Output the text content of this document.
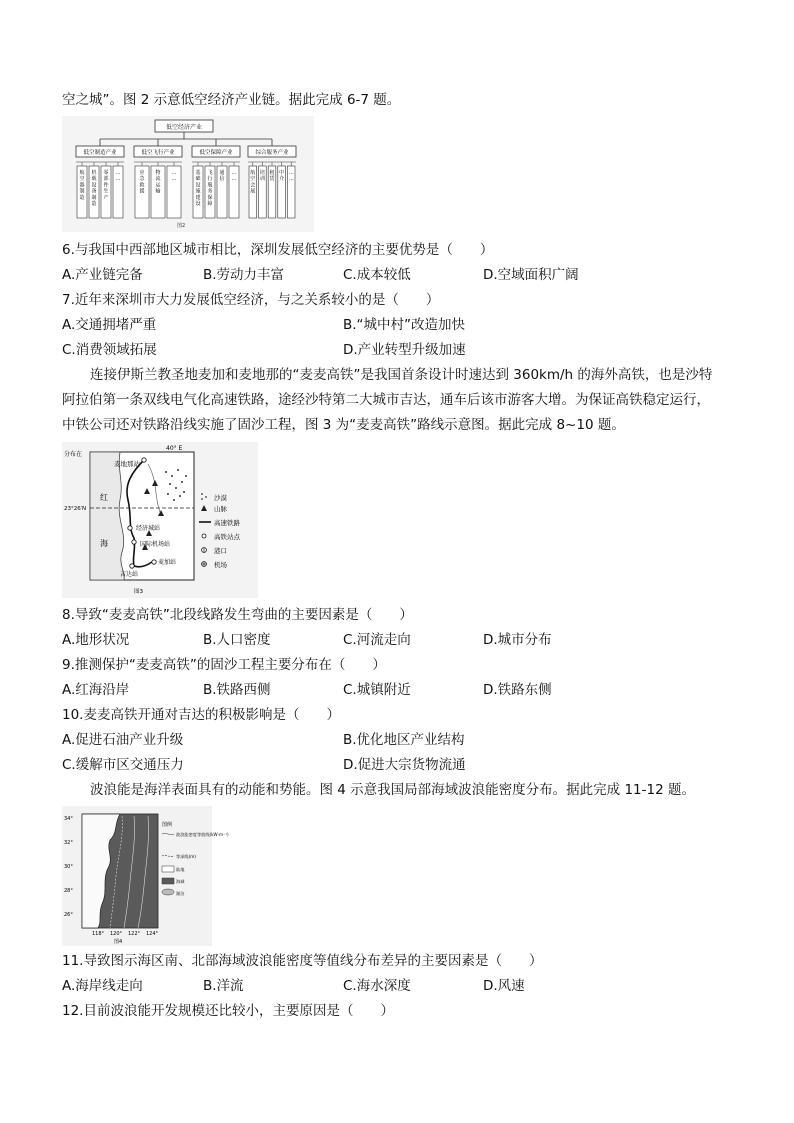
空之城”。图 2 示意低空经济产业链。据此完成 6-7 题。
低空经济产业
低空制造产业	低空飞行产业	低空保障产业	综合服务产业
航空器制造
机载设备制造
零部件生产
… …
应急救援
物流运输
… …
基础设施建设
飞行服务保障
通信
… …
航空会展
培训
租赁
中介
… …
图2
6.与我国中西部地区城市相比，深圳发展低空经济的主要优势是（　　）
A.产业链完备	B.劳动力丰富	C.成本较低	D.空域面积广阔
7.近年来深圳市大力发展低空经济，与之关系较小的是（　　）
A.交通拥堵严重	B.“城中村”改造加快
C.消费领域拓展	D.产业转型升级加速
连接伊斯兰教圣地麦加和麦地那的“麦麦高铁”是我国首条设计时速达到 360km/h 的海外高铁，也是沙特
阿拉伯第一条双线电气化高速铁路，途经沙特第二大城市吉达，通车后该市游客大增。为保证高铁稳定运行，
中铁公司还对铁路沿线实施了固沙工程，图 3 为“麦麦高铁”路线示意图。据此完成 8~10 题。
分布在
40° E
23°26′N
红
海
麦地那站
经济城站
国际机场站
吉达站
麦加站
沙漠
山脉
高速铁路
高铁站点
港口
机场
图3
8.导致“麦麦高铁”北段线路发生弯曲的主要因素是（　　）
A.地形状况	B.人口密度	C.河流走向	D.城市分布
9.推测保护“麦麦高铁”的固沙工程主要分布在（　　）
A.红海沿岸	B.铁路西侧	C.城镇附近	D.铁路东侧
10.麦麦高铁开通对吉达的积极影响是（　　）
A.促进石油产业升级	B.优化地区产业结构
C.缓解市区交通压力	D.促进大宗货物流通
波浪能是海洋表面具有的动能和势能。图 4 示意我国局部海域波浪能密度分布。据此完成 11-12 题。
34°
32°
30°
28°
26°
118° 120° 122° 124°
图例
波浪能密度等值线(kW·m⁻¹)
等深线(m)
陆地
海域
湖泊
图4
11.导致图示海区南、北部海域波浪能密度等值线分布差异的主要因素是（　　）
A.海岸线走向	B.洋流	C.海水深度	D.风速
12.目前波浪能开发规模还比较小，主要原因是（　　）
